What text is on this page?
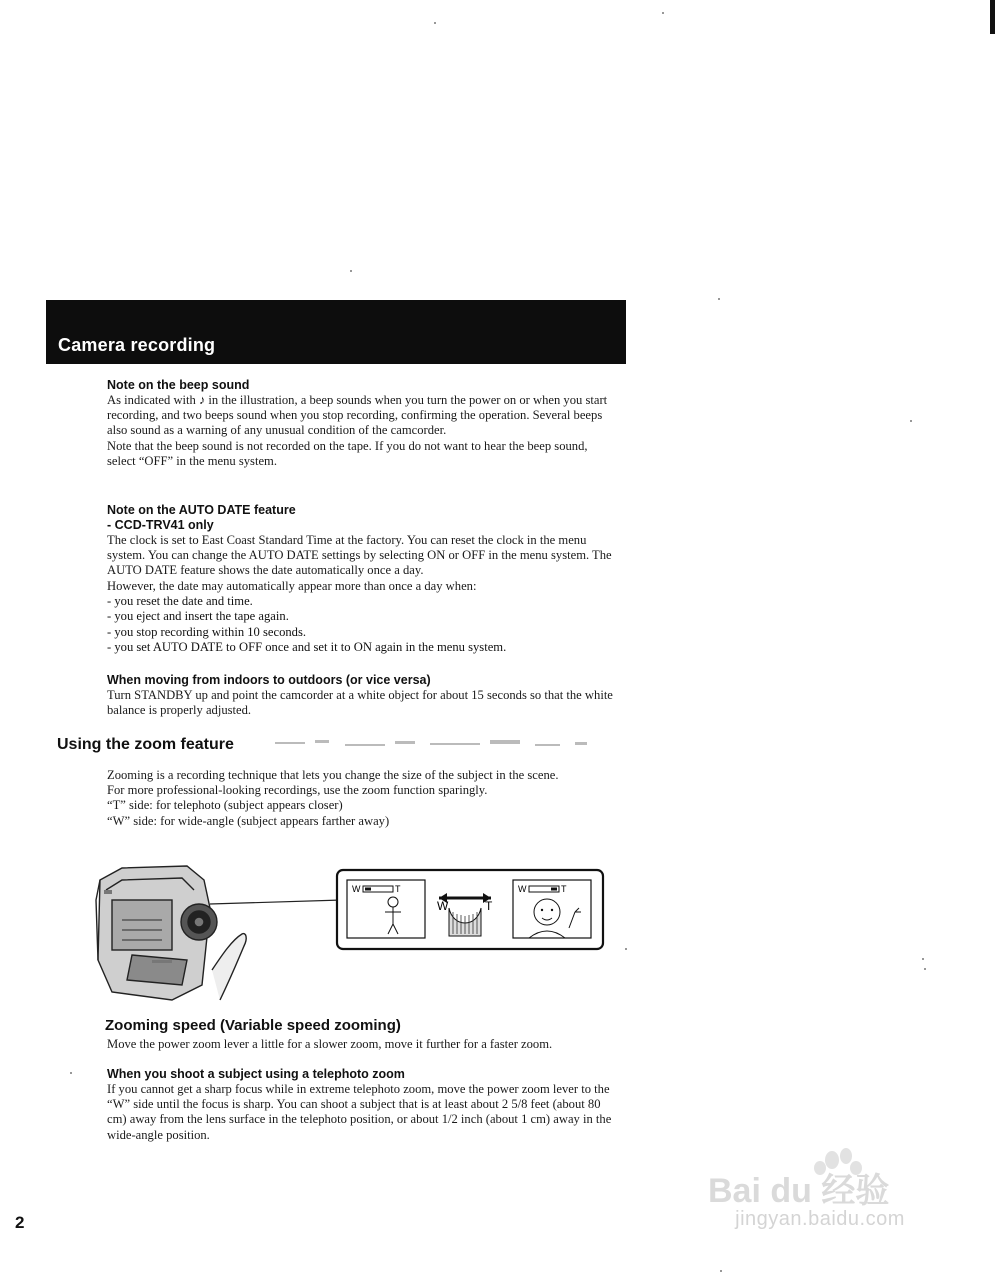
Camera recording

Note on the beep sound

As indicated with ♪ in the illustration, a beep sounds when you turn the power on or when you start recording, and two beeps sound when you stop recording, confirming the operation. Several beeps also sound as a warning of any unusual condition of the camcorder.

Note that the beep sound is not recorded on the tape. If you do not want to hear the beep sound, select “OFF” in the menu system.

Note on the AUTO DATE feature

- CCD-TRV41 only

The clock is set to East Coast Standard Time at the factory. You can reset the clock in the menu system. You can change the AUTO DATE settings by selecting ON or OFF in the menu system. The AUTO DATE feature shows the date automatically once a day.

However, the date may automatically appear more than once a day when:

- you reset the date and time.
- you eject and insert the tape again.
- you stop recording within 10 seconds.
- you set AUTO DATE to OFF once and set it to ON again in the menu system.

When moving from indoors to outdoors (or vice versa)

Turn STANDBY up and point the camcorder at a white object for about 15 seconds so that the white balance is properly adjusted.

Using the zoom feature

Zooming is a recording technique that lets you change the size of the subject in the scene.

For more professional-looking recordings, use the zoom function sparingly.

“T” side: for telephoto (subject appears closer)

“W” side: for wide-angle (subject appears farther away)

W	T
W	T
W	T
Zooming speed (Variable speed zooming)

Move the power zoom lever a little for a slower zoom, move it further for a faster zoom.

When you shoot a subject using a telephoto zoom

If you cannot get a sharp focus while in extreme telephoto zoom, move the power zoom lever to the “W” side until the focus is sharp. You can shoot a subject that is at least about 2 5/8 feet (about 80 cm) away from the lens surface in the telephoto position, or about 1/2 inch (about 1 cm) away in the wide-angle position.

2
Bai du 经验
jingyan.baidu.com
